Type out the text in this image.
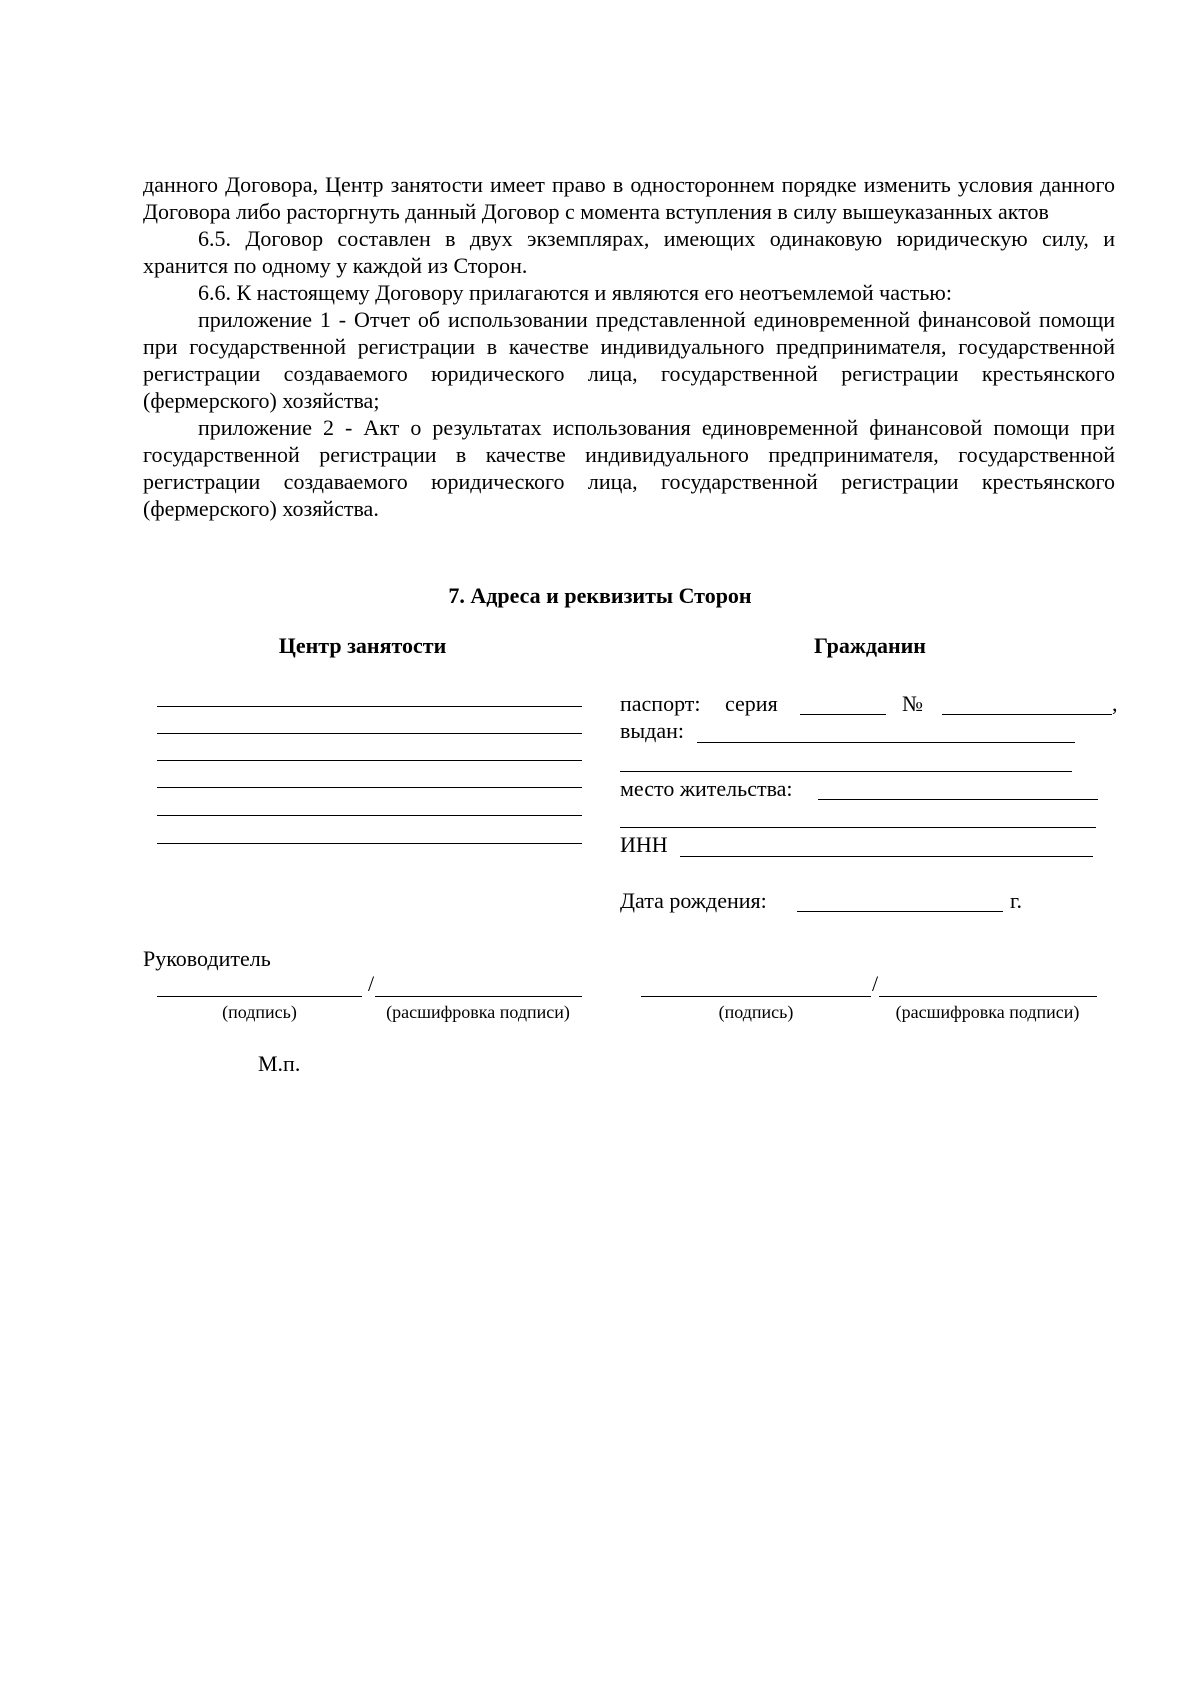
данного Договора, Центр занятости имеет право в одностороннем порядке изменить условия данного Договора либо расторгнуть данный Договор с момента вступления в силу вышеуказанных актов

6.5. Договор составлен в двух экземплярах, имеющих одинаковую юридическую силу, и хранится по одному у каждой из Сторон.

6.6. К настоящему Договору прилагаются и являются его неотъемлемой частью:

приложение 1 - Отчет об использовании представленной единовременной финансовой помощи при государственной регистрации в качестве индивидуального предпринимателя, государственной регистрации создаваемого юридического лица, государственной регистрации крестьянского (фермерского) хозяйства;

приложение 2 - Акт о результатах использования единовременной финансовой помощи при государственной регистрации в качестве индивидуального предпринимателя, государственной регистрации создаваемого юридического лица, государственной регистрации крестьянского (фермерского) хозяйства.

7. Адреса и реквизиты Сторон
Центр занятости	Гражданин
паспорт: серия	№	,
выдан:
место жительства:
ИНН
Дата рождения:	г.
Руководитель
/
(подпись)	(расшифровка подписи)
/
(подпись)	(расшифровка подписи)
М.п.
